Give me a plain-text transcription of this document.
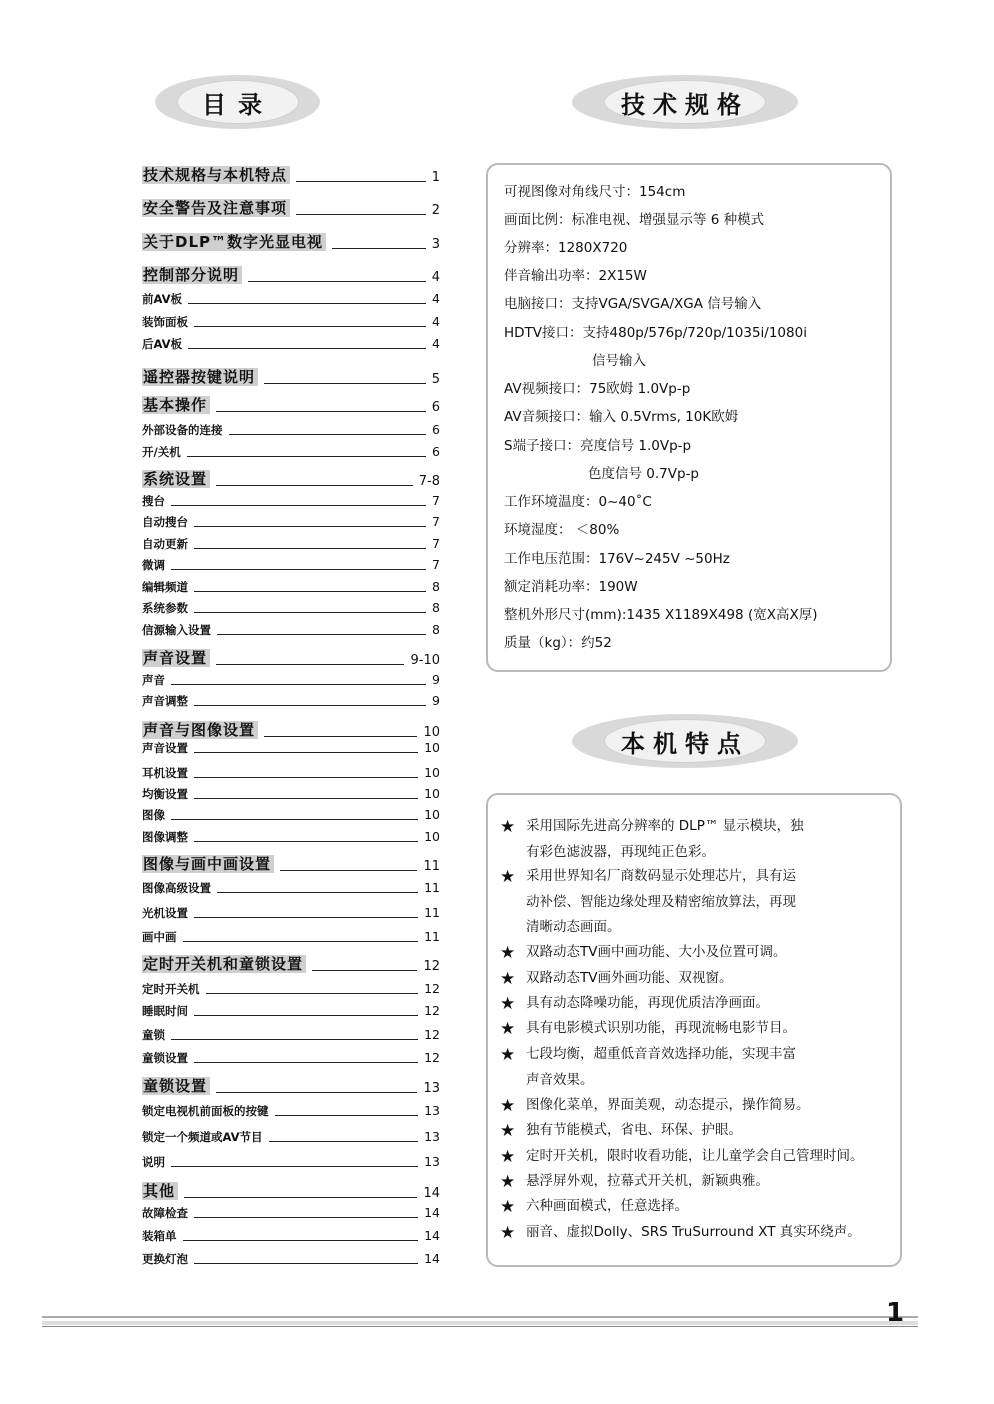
目录	技术规格
本机特点
技术规格与本机特点	1
安全警告及注意事项	2
关于DLP™数字光显电视	3
控制部分说明	4
前AV板	4
装饰面板	4
后AV板	4
遥控器按键说明	5
基本操作	6
外部设备的连接	6
开/关机	6
系统设置	7-8
搜台	7
自动搜台	7
自动更新	7
微调	7
编辑频道	8
系统参数	8
信源输入设置	8
声音设置	9-10
声音	9
声音调整	9
声音与图像设置	10
声音设置	10
耳机设置	10
均衡设置	10
图像	10
图像调整	10
图像与画中画设置	11
图像高级设置	11
光机设置	11
画中画	11
定时开关机和童锁设置	12
定时开关机	12
睡眠时间	12
童锁	12
童锁设置	12
童锁设置	13
锁定电视机前面板的按键	13
锁定一个频道或AV节目	13
说明	13
其他	14
故障检查	14
装箱单	14
更换灯泡	14
可视图像对角线尺寸：154cm
画面比例：标准电视、增强显示等 6 种模式
分辨率：1280X720
伴音输出功率：2X15W
电脑接口：支持VGA/SVGA/XGA 信号输入
HDTV接口：支持480p/576p/720p/1035i/1080i
信号输入
AV视频接口：75欧姆 1.0Vp-p
AV音频接口：输入 0.5Vrms, 10K欧姆
S端子接口：亮度信号 1.0Vp-p
色度信号 0.7Vp-p
工作环境温度：0~40˚C
环境湿度： ＜80%
工作电压范围：176V~245V ~50Hz
额定消耗功率：190W
整机外形尺寸(mm):1435 X1189X498 (宽X高X厚)
质量（kg）：约52
★ 采用国际先进高分辨率的 DLP™ 显示模块，独
有彩色滤波器，再现纯正色彩。
★ 采用世界知名厂商数码显示处理芯片，具有运
动补偿、智能边缘处理及精密缩放算法，再现
清晰动态画面。
★ 双路动态TV画中画功能、大小及位置可调。
★ 双路动态TV画外画功能、双视窗。
★ 具有动态降噪功能，再现优质洁净画面。
★ 具有电影模式识别功能，再现流畅电影节目。
★ 七段均衡，超重低音音效选择功能，实现丰富
声音效果。
★ 图像化菜单，界面美观，动态提示，操作简易。
★ 独有节能模式，省电、环保、护眼。
★ 定时开关机，限时收看功能，让儿童学会自己管理时间。
★ 悬浮屏外观，拉幕式开关机，新颖典雅。
★ 六种画面模式，任意选择。
★ 丽音、虚拟Dolly、SRS TruSurround XT 真实环绕声。
1
